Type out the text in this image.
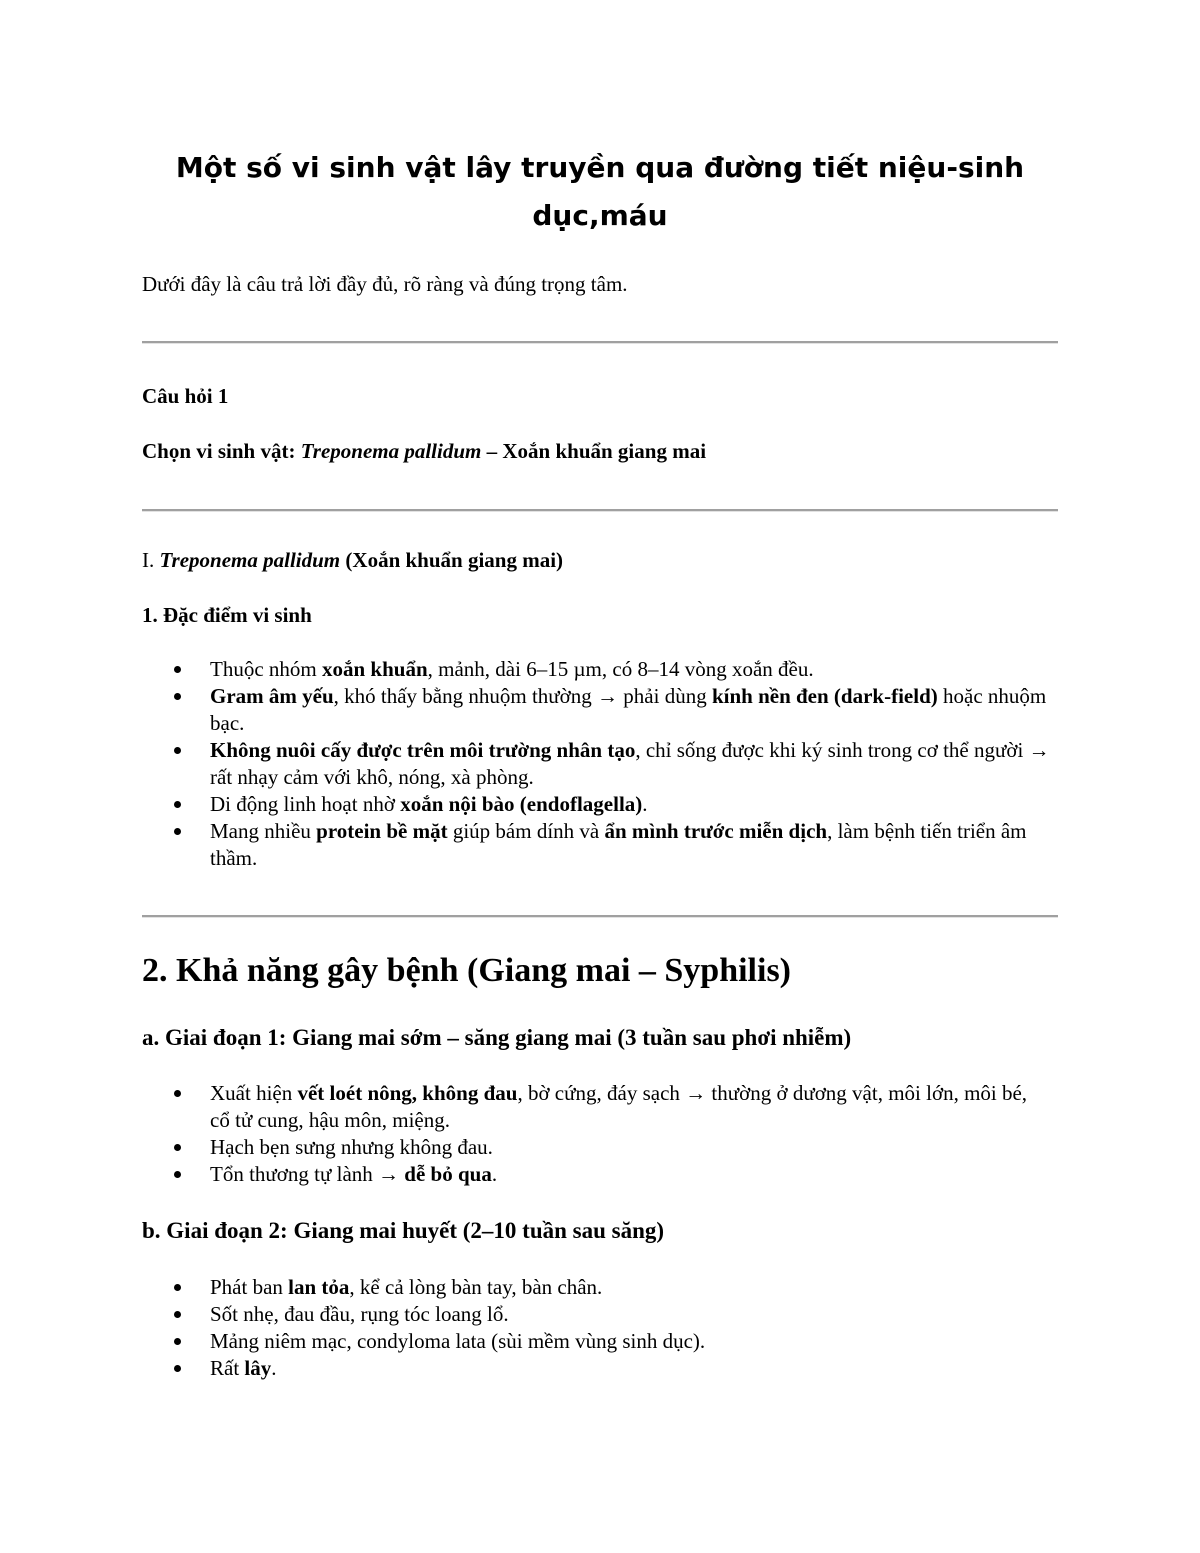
Một số vi sinh vật lây truyền qua đường tiết niệu-sinh
dục,máu

Dưới đây là câu trả lời đầy đủ, rõ ràng và đúng trọng tâm.

Câu hỏi 1

Chọn vi sinh vật: Treponema pallidum – Xoắn khuẩn giang mai

I. Treponema pallidum (Xoắn khuẩn giang mai)

1. Đặc điểm vi sinh

Thuộc nhóm xoắn khuẩn, mảnh, dài 6–15 µm, có 8–14 vòng xoắn đều.
Gram âm yếu, khó thấy bằng nhuộm thường → phải dùng kính nền đen (dark-field) hoặc nhuộm bạc.
Không nuôi cấy được trên môi trường nhân tạo, chỉ sống được khi ký sinh trong cơ thể người → rất nhạy cảm với khô, nóng, xà phòng.
Di động linh hoạt nhờ xoắn nội bào (endoflagella).
Mang nhiều protein bề mặt giúp bám dính và ẩn mình trước miễn dịch, làm bệnh tiến triển âm thầm.
2. Khả năng gây bệnh (Giang mai – Syphilis)
a. Giai đoạn 1: Giang mai sớm – săng giang mai (3 tuần sau phơi nhiễm)
Xuất hiện vết loét nông, không đau, bờ cứng, đáy sạch → thường ở dương vật, môi lớn, môi bé, cổ tử cung, hậu môn, miệng.
Hạch bẹn sưng nhưng không đau.
Tổn thương tự lành → dễ bỏ qua.
b. Giai đoạn 2: Giang mai huyết (2–10 tuần sau săng)
Phát ban lan tỏa, kể cả lòng bàn tay, bàn chân.
Sốt nhẹ, đau đầu, rụng tóc loang lổ.
Mảng niêm mạc, condyloma lata (sùi mềm vùng sinh dục).
Rất lây.
